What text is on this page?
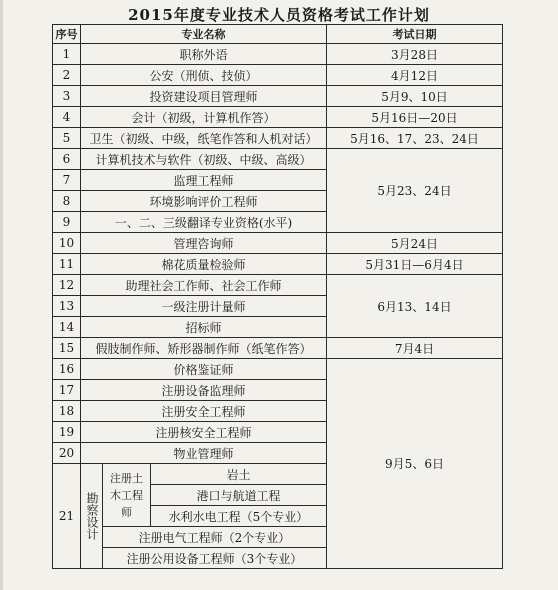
2015年度专业技术人员资格考试工作计划
序号	专业名称			考试日期
1	职称外语			3月28日
2	公安（刑侦、技侦）			4月12日
3	投资建设项目管理师			5月9、10日
4	会计（初级，计算机作答）			5月16日—20日
5	卫生（初级、中级，纸笔作答和人机对话）			5月16、17、23、24日
6	计算机技术与软件（初级、中级、高级）			5月23、24日
7	监理工程师			
8	环境影响评价工程师			
9	一、二、三级翻译专业资格(水平)			
10	管理咨询师			5月24日
11	棉花质量检验师			5月31日—6月4日
12	助理社会工作师、社会工作师			6月13、14日
13	一级注册计量师			
14	招标师			
15	假肢制作师、矫形器制作师（纸笔作答）			7月4日
16	价格鉴证师			9月5、6日
17	注册设备监理师			
18	注册安全工程师			
19	注册核安全工程师			
20	物业管理师			
21	勘察设计	注册土木工程师	岩土	
			港口与航道工程	
			水利水电工程（5个专业）	
		注册电气工程师（2个专业）		
		注册公用设备工程师（3个专业）		
